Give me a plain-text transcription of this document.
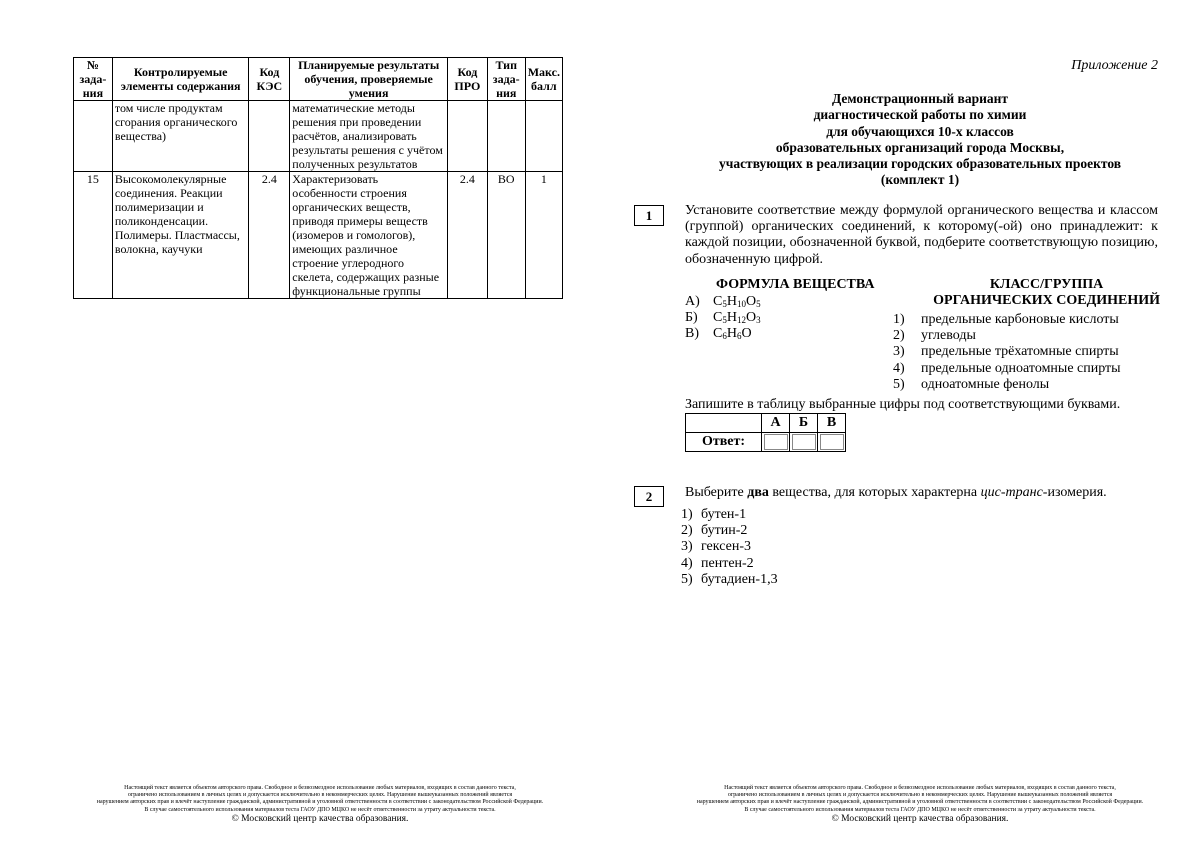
№ зада-ния	Контролируемые элементы содержания	Код КЭС	Планируемые результаты обучения, проверяемые умения	Код ПРО	Тип зада-ния	Макс. балл
	том числе продуктам сгорания органического вещества)		математические методы решения при проведении расчётов, анализировать результаты решения с учётом полученных результатов			
15	Высокомолекулярные соединения. Реакции полимеризации и поликонденсации. Полимеры. Пластмассы, волокна, каучуки	2.4	Характеризовать особенности строения органических веществ, приводя примеры веществ (изомеров и гомологов), имеющих различное строение углеродного скелета, содержащих разные функциональные группы	2.4	ВО	1
Приложение 2
Демонстрационный вариант
диагностической работы по химии
для обучающихся 10-х классов
образовательных организаций города Москвы,
участвующих в реализации городских образовательных проектов
(комплект 1)
1	Установите соответствие между формулой органического вещества и классом (группой) органических соединений, к которому(-ой) оно принадлежит: к каждой позиции, обозначенной буквой, подберите соответствующую позицию, обозначенную цифрой.
ФОРМУЛА ВЕЩЕСТВА
А) $C_5H_{10}O_5$
Б)	$C_5H_{12}O_3$
В)	$C_6H_6O$
КЛАСС/ГРУППА
ОРГАНИЧЕСКИХ СОЕДИНЕНИЙ
1)	предельные карбоновые кислоты
2)	углеводы
3)	предельные трёхатомные спирты
4)	предельные одноатомные спирты
5)	одноатомные фенолы
Запишите в таблицу выбранные цифры под соответствующими буквами.
	А	Б	В
Ответ:			
2	Выберите два вещества, для которых характерна цис-транс-изомерия.
1) бутен-1
2) бутин-2
3) гексен-3
4) пентен-2
5) бутадиен-1,3
Настоящий текст является объектом авторского права. Свободное и безвозмездное использование любых материалов, входящих в состав данного текста,
ограничено использованием в личных целях и допускается исключительно в некоммерческих целях. Нарушение вышеуказанных положений является
нарушением авторских прав и влечёт наступление гражданской, административной и уголовной ответственности в соответствии с законодательством Российской Федерации.
В случае самостоятельного использования материалов теста ГАОУ ДПО МЦКО не несёт ответственности за утрату актуальности текста.
© Московский центр качества образования.
Настоящий текст является объектом авторского права. Свободное и безвозмездное использование любых материалов, входящих в состав данного текста,
ограничено использованием в личных целях и допускается исключительно в некоммерческих целях. Нарушение вышеуказанных положений является
нарушением авторских прав и влечёт наступление гражданской, административной и уголовной ответственности в соответствии с законодательством Российской Федерации.
В случае самостоятельного использования материалов теста ГАОУ ДПО МЦКО не несёт ответственности за утрату актуальности текста.
© Московский центр качества образования.
